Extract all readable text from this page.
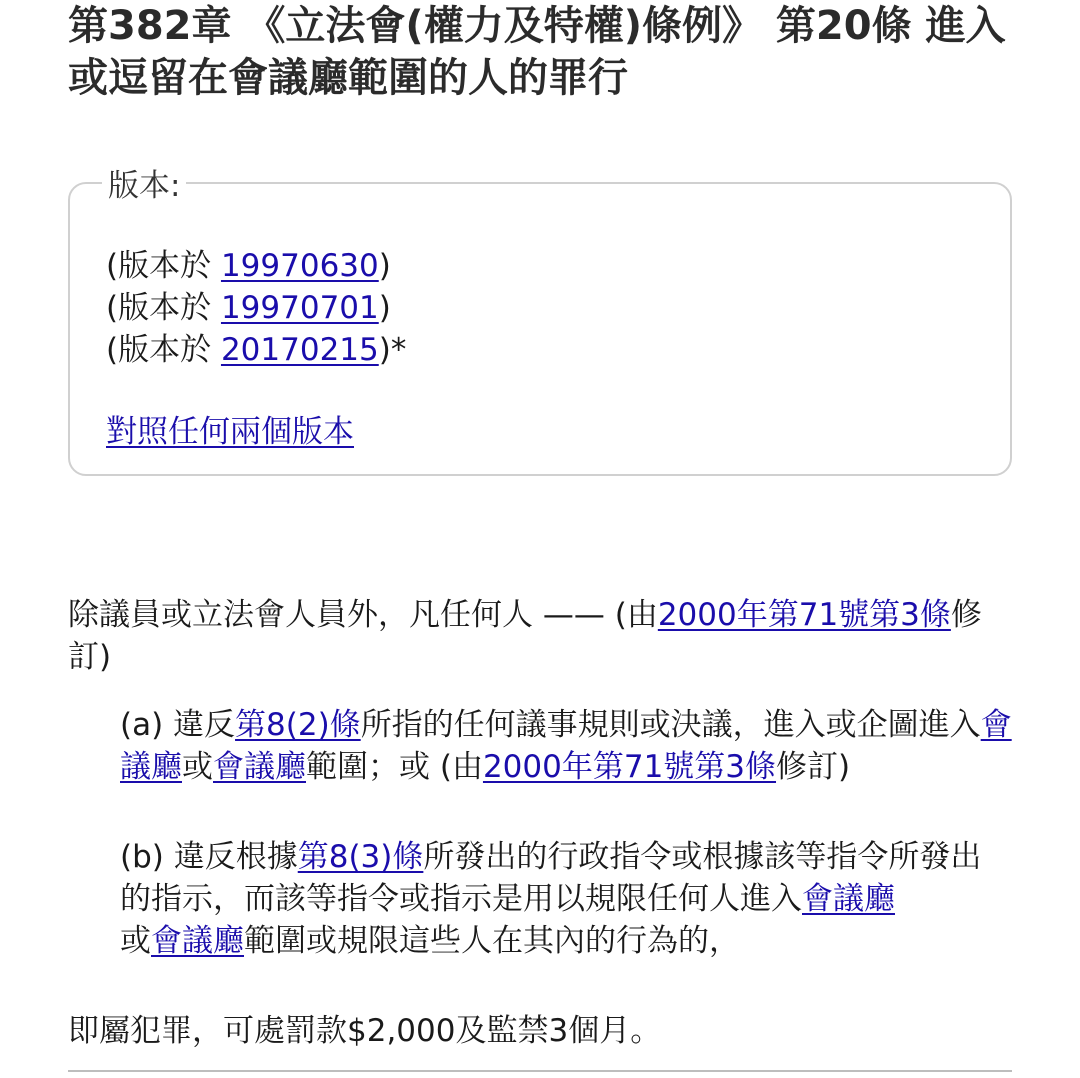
第382章 《立法會(權力及特權)條例》 第20條 進入或逗留在會議廳範圍的人的罪行
版本:
(版本於 19970630)
(版本於 19970701)
(版本於 20170215)*
對照任何兩個版本
除議員或立法會人員外，凡任何人 —— (由2000年第71號第3條修訂)
(a) 違反第8(2)條所指的任何議事規則或決議，進入或企圖進入會議廳或會議廳範圍；或 (由2000年第71號第3條修訂)
(b) 違反根據第8(3)條所發出的行政指令或根據該等指令所發出的指示，而該等指令或指示是用以規限任何人進入會議廳
或會議廳範圍或規限這些人在其內的行為的，
即屬犯罪，可處罰款$2,000及監禁3個月。
